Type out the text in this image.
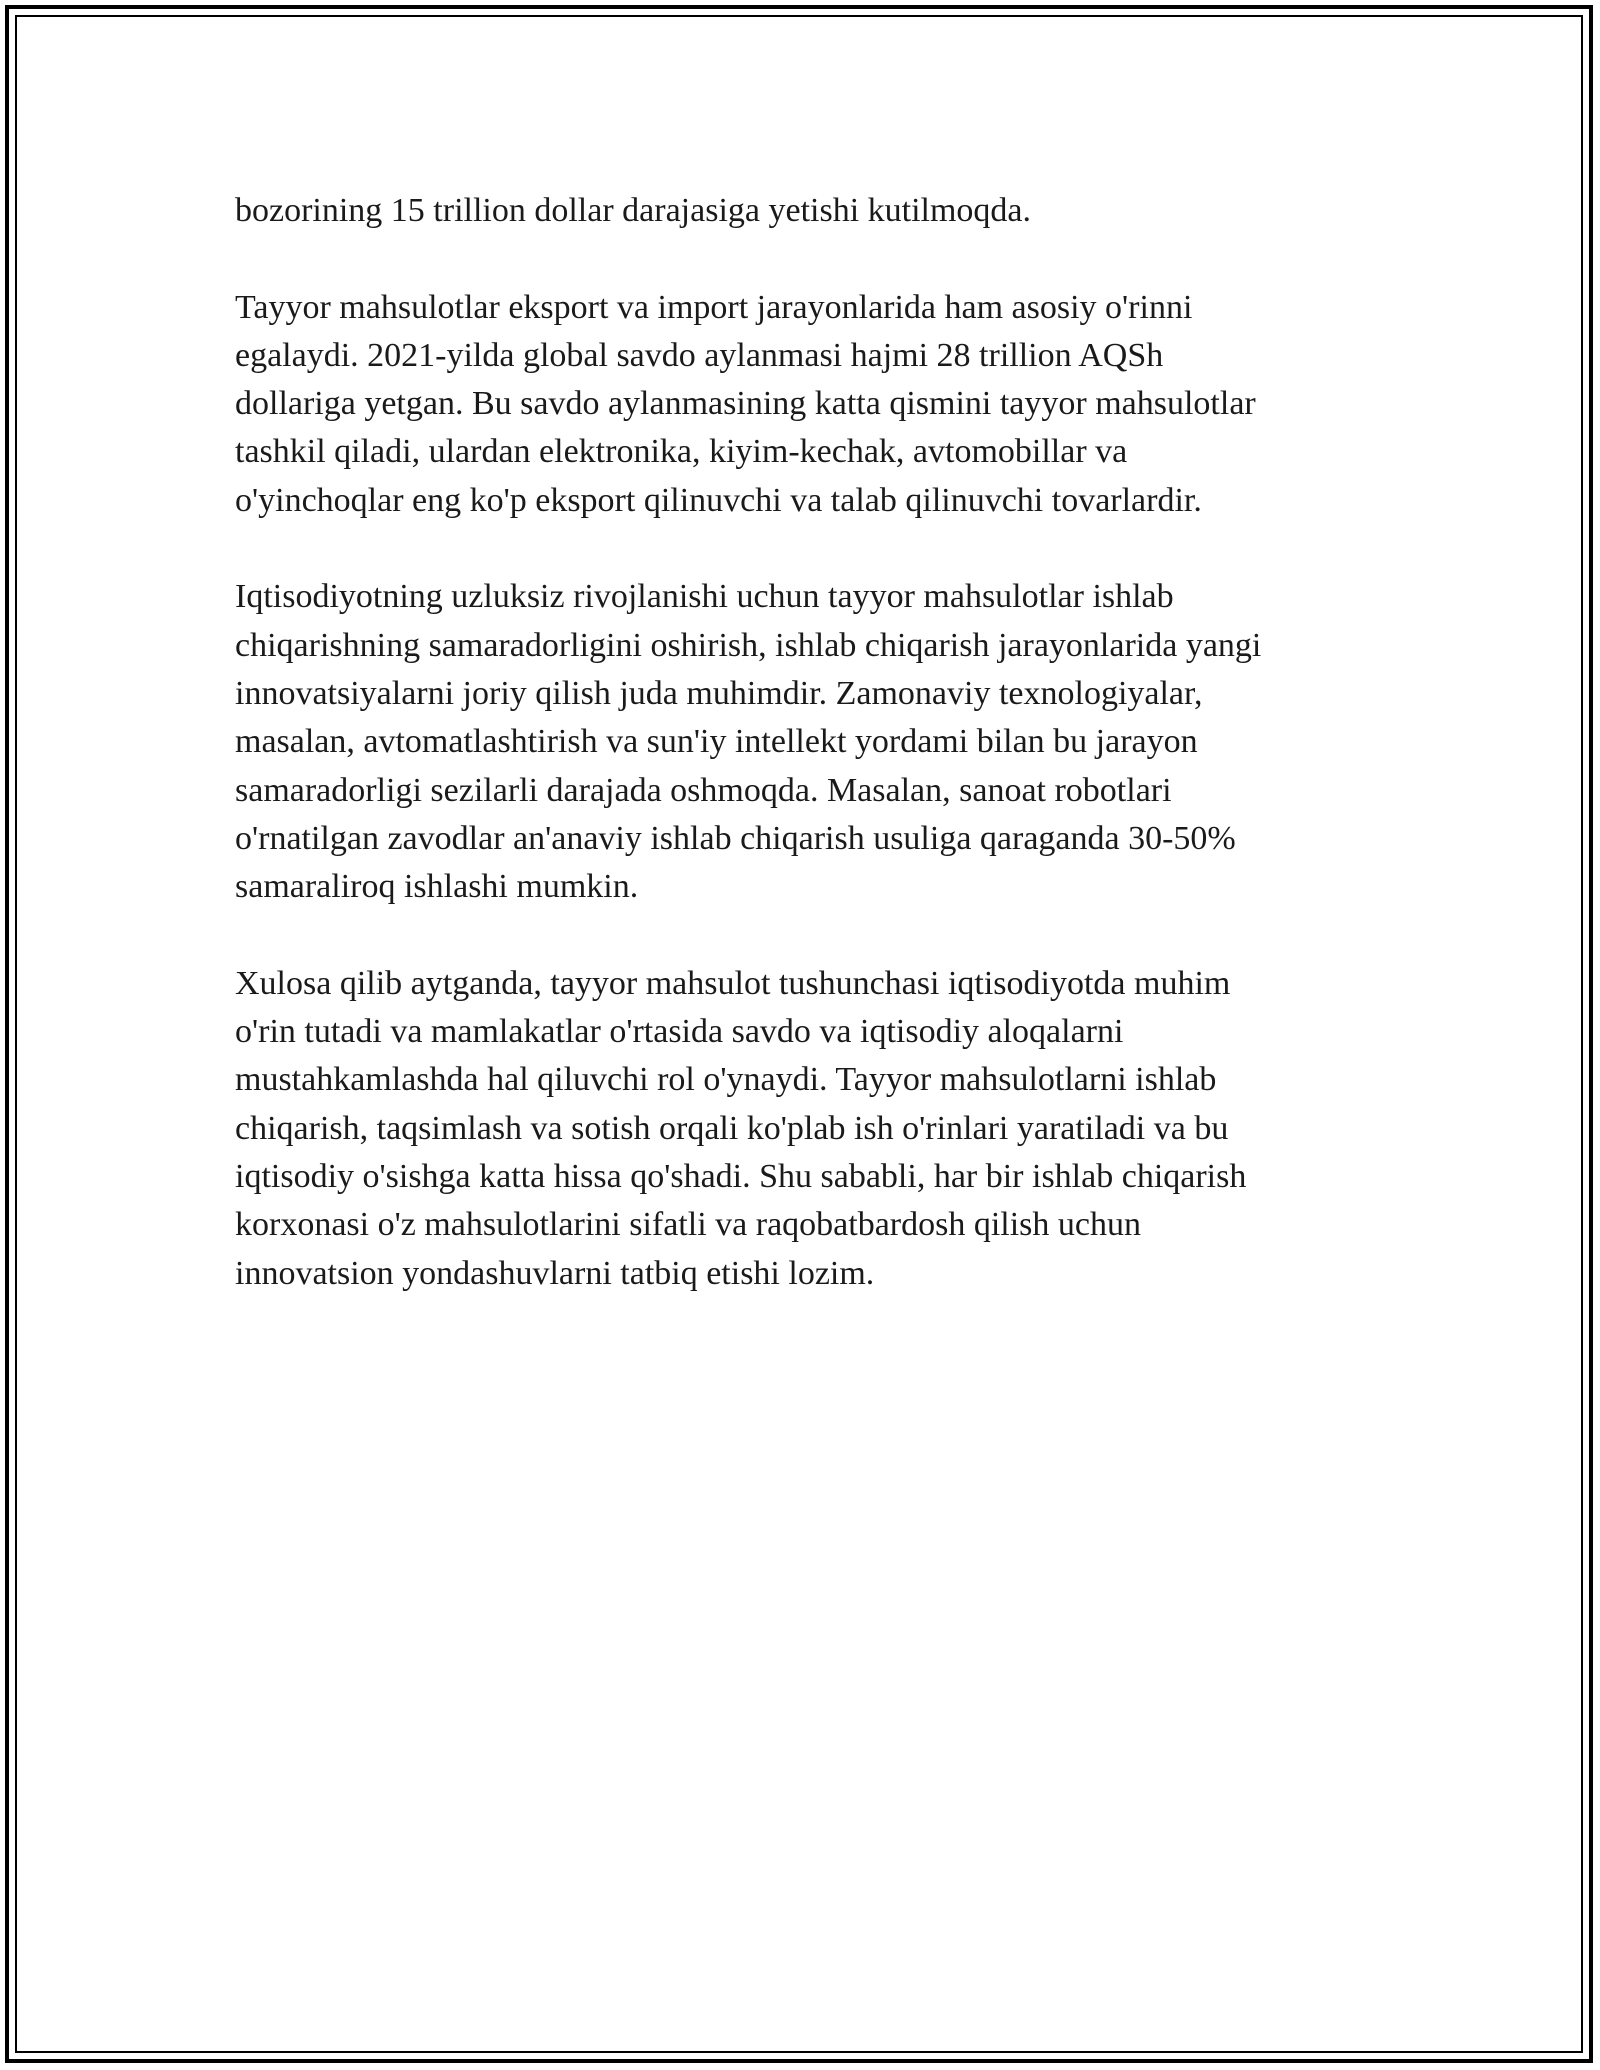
bozorining 15 trillion dollar darajasiga yetishi kutilmoqda.

Tayyor mahsulotlar eksport va import jarayonlarida ham asosiy o'rinni
egalaydi. 2021-yilda global savdo aylanmasi hajmi 28 trillion AQSh
dollariga yetgan. Bu savdo aylanmasining katta qismini tayyor mahsulotlar
tashkil qiladi, ulardan elektronika, kiyim-kechak, avtomobillar va
o'yinchoqlar eng ko'p eksport qilinuvchi va talab qilinuvchi tovarlardir.

Iqtisodiyotning uzluksiz rivojlanishi uchun tayyor mahsulotlar ishlab
chiqarishning samaradorligini oshirish, ishlab chiqarish jarayonlarida yangi
innovatsiyalarni joriy qilish juda muhimdir. Zamonaviy texnologiyalar,
masalan, avtomatlashtirish va sun'iy intellekt yordami bilan bu jarayon
samaradorligi sezilarli darajada oshmoqda. Masalan, sanoat robotlari
o'rnatilgan zavodlar an'anaviy ishlab chiqarish usuliga qaraganda 30-50%
samaraliroq ishlashi mumkin.

Xulosa qilib aytganda, tayyor mahsulot tushunchasi iqtisodiyotda muhim
o'rin tutadi va mamlakatlar o'rtasida savdo va iqtisodiy aloqalarni
mustahkamlashda hal qiluvchi rol o'ynaydi. Tayyor mahsulotlarni ishlab
chiqarish, taqsimlash va sotish orqali ko'plab ish o'rinlari yaratiladi va bu
iqtisodiy o'sishga katta hissa qo'shadi. Shu sababli, har bir ishlab chiqarish
korxonasi o'z mahsulotlarini sifatli va raqobatbardosh qilish uchun
innovatsion yondashuvlarni tatbiq etishi lozim.
